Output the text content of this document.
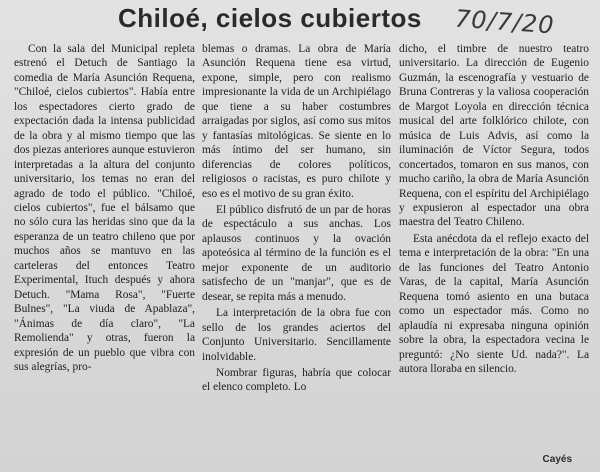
Chiloé, cielos cubiertos 70/7/20

Con la sala del Municipal repleta estrenó el Detuch de Santiago la comedia de María Asunción Requena, "Chiloé, cielos cubiertos". Había entre los espectadores cierto grado de expectación dada la intensa publicidad de la obra y al mismo tiempo que las dos piezas anteriores aunque estuvieron interpretadas a la altura del conjunto universitario, los temas no eran del agrado de todo el público. "Chiloé, cielos cubiertos", fue el bálsamo que no sólo cura las heridas sino que da la esperanza de un teatro chileno que por muchos años se mantuvo en las carteleras del entonces Teatro Experimental, Ituch después y ahora Detuch. "Mama Rosa", "Fuerte Bulnes", "La viuda de Apablaza", "Ánimas de día claro", "La Remolienda" y otras, fueron la expresión de un pueblo que vibra con sus alegrías, pro-

blemas o dramas. La obra de María Asunción Requena tiene esa virtud, expone, simple, pero con realismo impresionante la vida de un Archipiélago que tiene a su haber costumbres arraigadas por siglos, así como sus mitos y fantasías mitológicas. Se siente en lo más íntimo del ser humano, sin diferencias de colores políticos, religiosos o racistas, es puro chilote y eso es el motivo de su gran éxito.

El público disfrutó de un par de horas de espectáculo a sus anchas. Los aplausos continuos y la ovación apoteósica al término de la función es el mejor exponente de un auditorio satisfecho de un "manjar", que es de desear, se repita más a menudo.

La interpretación de la obra fue con sello de los grandes aciertos del Conjunto Universitario. Sencillamente inolvidable.

Nombrar figuras, habría que colocar el elenco completo. Lo

dicho, el timbre de nuestro teatro universitario. La dirección de Eugenio Guzmán, la escenografía y vestuario de Bruna Contreras y la valiosa cooperación de Margot Loyola en dirección técnica musical del arte folklórico chilote, con música de Luis Advis, así como la iluminación de Víctor Segura, todos concertados, tomaron en sus manos, con mucho cariño, la obra de María Asunción Requena, con el espíritu del Archipiélago y expusieron al espectador una obra maestra del Teatro Chileno.

Esta anécdota da el reflejo exacto del tema e interpretación de la obra: "En una de las funciones del Teatro Antonio Varas, de la capital, María Asunción Requena tomó asiento en una butaca como un espectador más. Como no aplaudía ni expresaba ninguna opinión sobre la obra, la espectadora vecina le preguntó: ¿No siente Ud. nada?". La autora lloraba en silencio.

Cayés
